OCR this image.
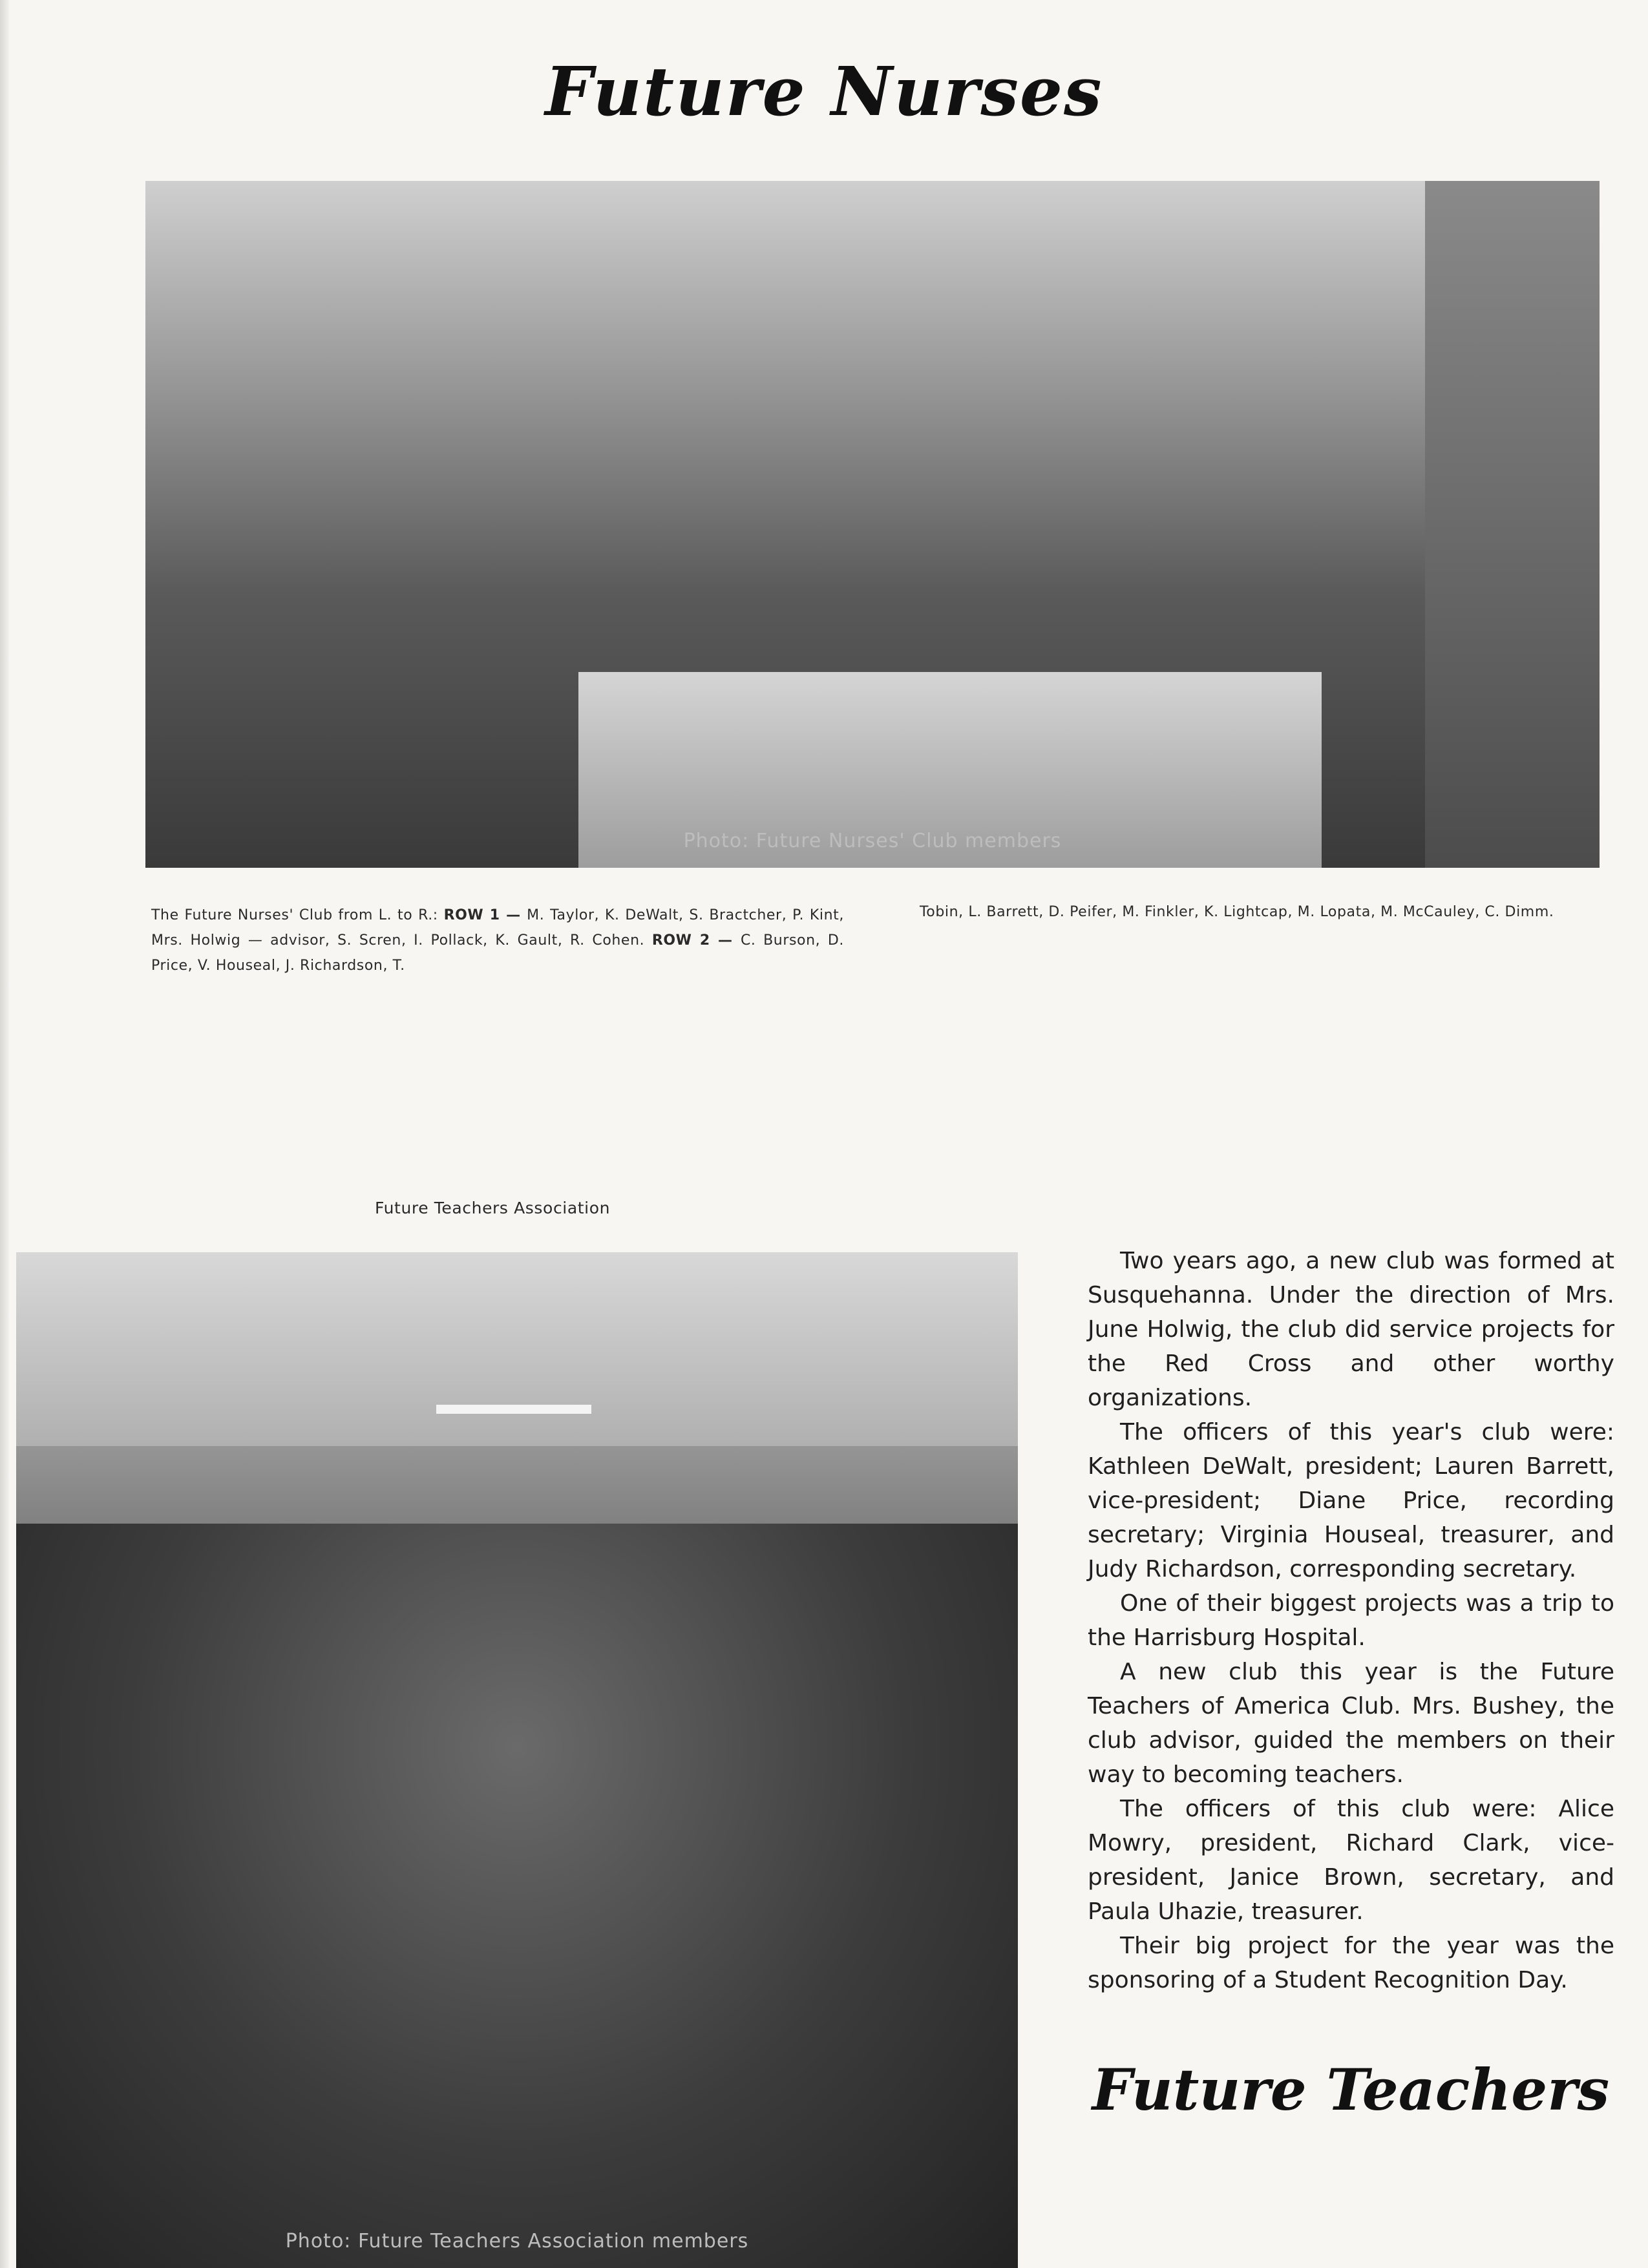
Future Nurses
Photo: Future Nurses' Club members
The Future Nurses' Club from L. to R.: ROW 1 — M. Taylor, K. DeWalt, S. Bractcher, P. Kint, Mrs. Holwig — advisor, S. Scren, I. Pollack, K. Gault, R. Cohen. ROW 2 — C. Burson, D. Price, V. Houseal, J. Richardson, T.
Tobin, L. Barrett, D. Peifer, M. Finkler, K. Lightcap, M. Lopata, M. McCauley, C. Dimm.
Future Teachers Association
Photo: Future Teachers Association members

Two years ago, a new club was formed at Susquehanna. Under the direction of Mrs. June Holwig, the club did service projects for the Red Cross and other worthy organizations.

The officers of this year's club were: Kathleen DeWalt, president; Lauren Barrett, vice-president; Diane Price, recording secretary; Virginia Houseal, treasurer, and Judy Richardson, corresponding secretary.

One of their biggest projects was a trip to the Harrisburg Hospital.

A new club this year is the Future Teachers of America Club. Mrs. Bushey, the club advisor, guided the members on their way to becoming teachers.

The officers of this club were: Alice Mowry, president, Richard Clark, vice-president, Janice Brown, secretary, and Paula Uhazie, treasurer.

Their big project for the year was the sponsoring of a Student Recognition Day.

Future Teachers
